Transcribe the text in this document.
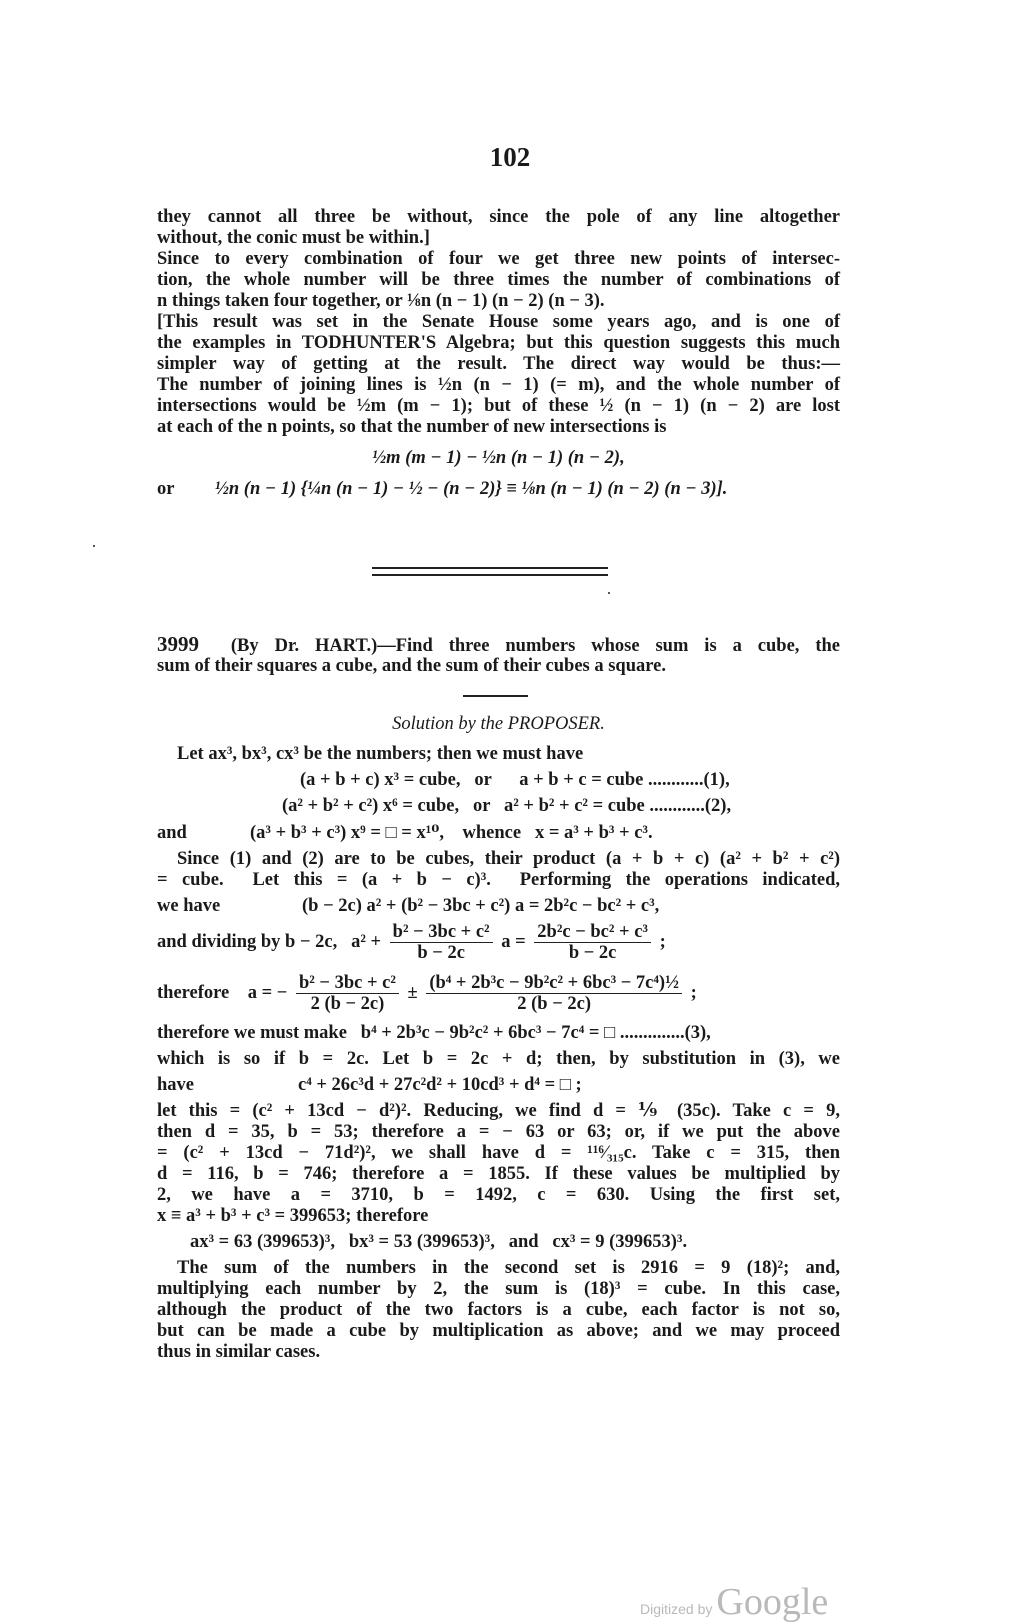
102
they cannot all three be without, since the pole of any line altogether
without, the conic must be within.]
Since to every combination of four we get three new points of intersec-
tion, the whole number will be three times the number of combinations of
n things taken four together, or ⅛n (n − 1) (n − 2) (n − 3).
[This result was set in the Senate House some years ago, and is one of
the examples in TODHUNTER'S Algebra; but this question suggests this much
simpler way of getting at the result. The direct way would be thus:—
The number of joining lines is ½n (n − 1) (= m), and the whole number of
intersections would be ½m (m − 1); but of these ½ (n − 1) (n − 2) are lost
at each of the n points, so that the number of new intersections is
½m (m − 1) − ½n (n − 1) (n − 2),
or	½n (n − 1) {¼n (n − 1) − ½ − (n − 2)} ≡ ⅛n (n − 1) (n − 2) (n − 3)].
3999 (By Dr. HART.)—Find three numbers whose sum is a cube, the
sum of their squares a cube, and the sum of their cubes a square.
Solution by the PROPOSER.
Let ax³, bx³, cx³ be the numbers; then we must have
(a + b + c) x³ = cube,   or      a + b + c = cube ............(1),
(a² + b² + c²) x⁶ = cube,   or   a² + b² + c² = cube ............(2),
and	(a³ + b³ + c³) x⁹ = □ = x¹⁰,    whence   x = a³ + b³ + c³.
Since (1) and (2) are to be cubes, their product (a + b + c) (a² + b² + c²)
= cube.  Let this = (a + b − c)³.  Performing the operations indicated,
we have	(b − 2c) a² + (b² − 3bc + c²) a = 2b²c − bc² + c³,
and dividing by b − 2c, $a^2 + \frac{\text{b² − 3bc + c²}}{b - 2c}$ $a = \frac{\text{2b²c − bc² + c³}}{b - 2c}$ ;
therefore a = − $\frac{\text{b² − 3bc + c²}}{2 (b - 2c)} \pm \frac{\text{(b⁴ + 2b³c − 9b²c² + 6bc³ − 7c⁴)½}}{2 (b - 2c)}$ ;
therefore we must make   b⁴ + 2b³c − 9b²c² + 6bc³ − 7c⁴ = □ ..............(3),
which is so if b = 2c. Let b = 2c + d; then, by substitution in (3), we
have	c⁴ + 26c³d + 27c²d² + 10cd³ + d⁴ = □ ;
let this = (c² + 13cd − d²)². Reducing, we find d = ⅑ (35c). Take c = 9,
then d = 35, b = 53; therefore a = − 63 or 63; or, if we put the above
= (c² + 13cd − 71d²)², we shall have d = ¹¹⁶⁄₃₁₅c. Take c = 315, then
d = 116, b = 746; therefore a = 1855. If these values be multiplied by
2, we have a = 3710, b = 1492, c = 630. Using the first set,
x ≡ a³ + b³ + c³ = 399653; therefore
ax³ = 63 (399653)³,   bx³ = 53 (399653)³,   and   cx³ = 9 (399653)³.
The sum of the numbers in the second set is 2916 = 9 (18)²; and,
multiplying each number by 2, the sum is (18)³ = cube. In this case,
although the product of the two factors is a cube, each factor is not so,
but can be made a cube by multiplication as above; and we may proceed
thus in similar cases.
Digitized by Google
